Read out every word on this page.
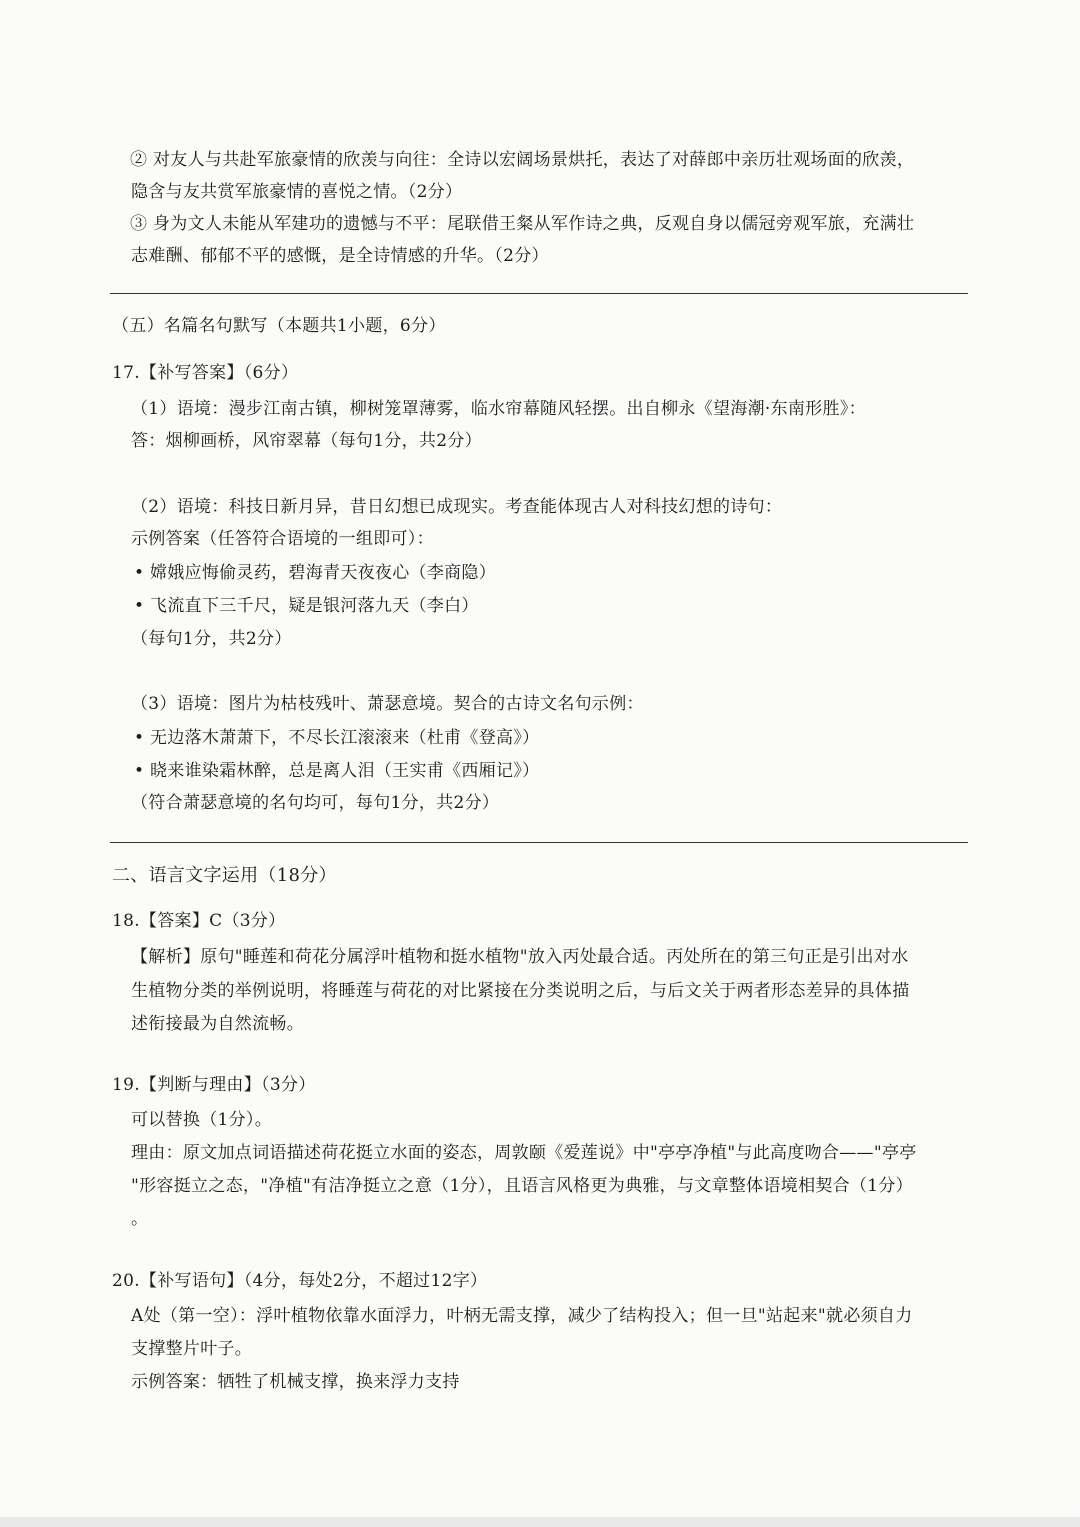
② 对友人与共赴军旅豪情的欣羡与向往：全诗以宏阔场景烘托，表达了对薛郎中亲历壮观场面的欣羡，
隐含与友共赏军旅豪情的喜悦之情。（2分）
③ 身为文人未能从军建功的遗憾与不平：尾联借王粲从军作诗之典，反观自身以儒冠旁观军旅，充满壮
志难酬、郁郁不平的感慨，是全诗情感的升华。（2分）
（五）名篇名句默写（本题共1小题，6分）
17.【补写答案】（6分）
（1）语境：漫步江南古镇，柳树笼罩薄雾，临水帘幕随风轻摆。出自柳永《望海潮·东南形胜》：
答：烟柳画桥，风帘翠幕（每句1分，共2分）
（2）语境：科技日新月异，昔日幻想已成现实。考查能体现古人对科技幻想的诗句：
示例答案（任答符合语境的一组即可）：
• 嫦娥应悔偷灵药，碧海青天夜夜心（李商隐）
• 飞流直下三千尺，疑是银河落九天（李白）
（每句1分，共2分）
（3）语境：图片为枯枝残叶、萧瑟意境。契合的古诗文名句示例：
• 无边落木萧萧下，不尽长江滚滚来（杜甫《登高》）
• 晓来谁染霜林醉，总是离人泪（王实甫《西厢记》）
（符合萧瑟意境的名句均可，每句1分，共2分）
二、语言文字运用（18分）
18.【答案】C（3分）
【解析】原句"睡莲和荷花分属浮叶植物和挺水植物"放入丙处最合适。丙处所在的第三句正是引出对水
生植物分类的举例说明，将睡莲与荷花的对比紧接在分类说明之后，与后文关于两者形态差异的具体描
述衔接最为自然流畅。
19.【判断与理由】（3分）
可以替换（1分）。
理由：原文加点词语描述荷花挺立水面的姿态，周敦颐《爱莲说》中"亭亭净植"与此高度吻合——"亭亭
"形容挺立之态，"净植"有洁净挺立之意（1分），且语言风格更为典雅，与文章整体语境相契合（1分）
。
20.【补写语句】（4分，每处2分，不超过12字）
A处（第一空）：浮叶植物依靠水面浮力，叶柄无需支撑，减少了结构投入；但一旦"站起来"就必须自力
支撑整片叶子。
示例答案：牺牲了机械支撑，换来浮力支持
